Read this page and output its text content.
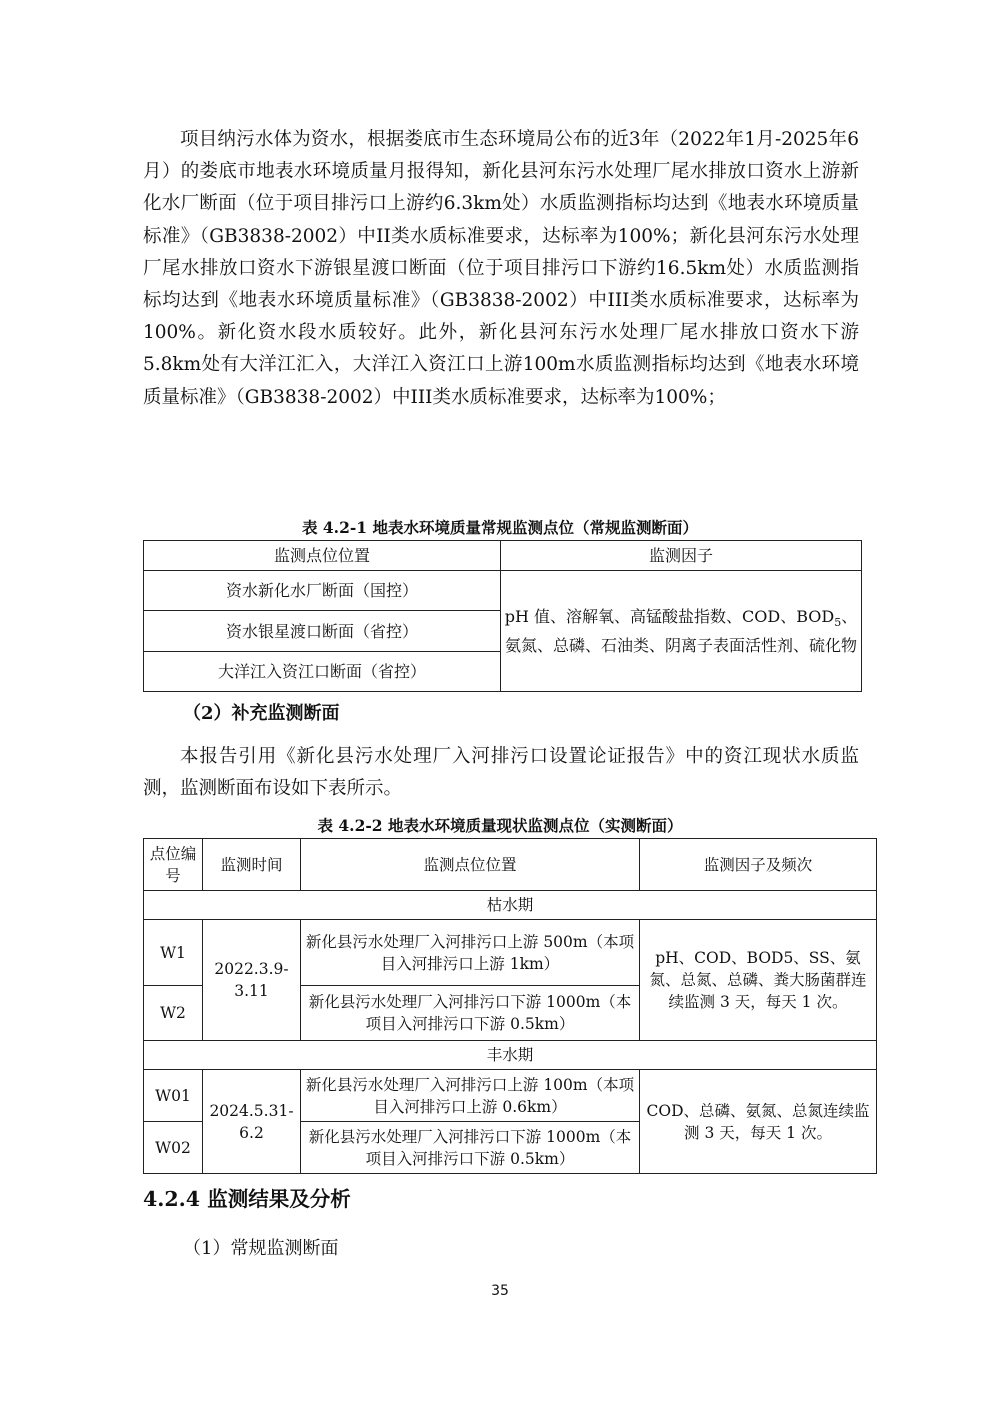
项目纳污水体为资水，根据娄底市生态环境局公布的近3年（2022年1月-2025年6月）的娄底市地表水环境质量月报得知，新化县河东污水处理厂尾水排放口资水上游新化水厂断面（位于项目排污口上游约6.3km处）水质监测指标均达到《地表水环境质量标准》（GB3838-2002）中II类水质标准要求，达标率为100%；新化县河东污水处理厂尾水排放口资水下游银星渡口断面（位于项目排污口下游约16.5km处）水质监测指标均达到《地表水环境质量标准》（GB3838-2002）中III类水质标准要求，达标率为100%。新化资水段水质较好。此外，新化县河东污水处理厂尾水排放口资水下游5.8km处有大洋江汇入，大洋江入资江口上游100m水质监测指标均达到《地表水环境质量标准》（GB3838-2002）中III类水质标准要求，达标率为100%；

表 4.2-1 地表水环境质量常规监测点位（常规监测断面）

监测点位位置	监测因子
资水新化水厂断面（国控）	pH 值、溶解氧、高锰酸盐指数、COD、$BOD_5$、氨氮、总磷、石油类、阴离子表面活性剂、硫化物
资水银星渡口断面（省控）	
大洋江入资江口断面（省控）	

（2）补充监测断面

本报告引用《新化县污水处理厂入河排污口设置论证报告》中的资江现状水质监测，监测断面布设如下表所示。

表 4.2-2 地表水环境质量现状监测点位（实测断面）

点位编号	监测时间	监测点位位置	监测因子及频次
枯水期			
W1	2022.3.9-3.11	新化县污水处理厂入河排污口上游 500m（本项目入河排污口上游 1km）	pH、COD、BOD5、SS、氨氮、总氮、总磷、粪大肠菌群连续监测 3 天，每天 1 次。
W2		新化县污水处理厂入河排污口下游 1000m（本项目入河排污口下游 0.5km）	
丰水期			
W01	2024.5.31-6.2	新化县污水处理厂入河排污口上游 100m（本项目入河排污口上游 0.6km）	COD、总磷、氨氮、总氮连续监测 3 天，每天 1 次。
W02		新化县污水处理厂入河排污口下游 1000m（本项目入河排污口下游 0.5km）	

4.2.4 监测结果及分析

（1）常规监测断面

35
